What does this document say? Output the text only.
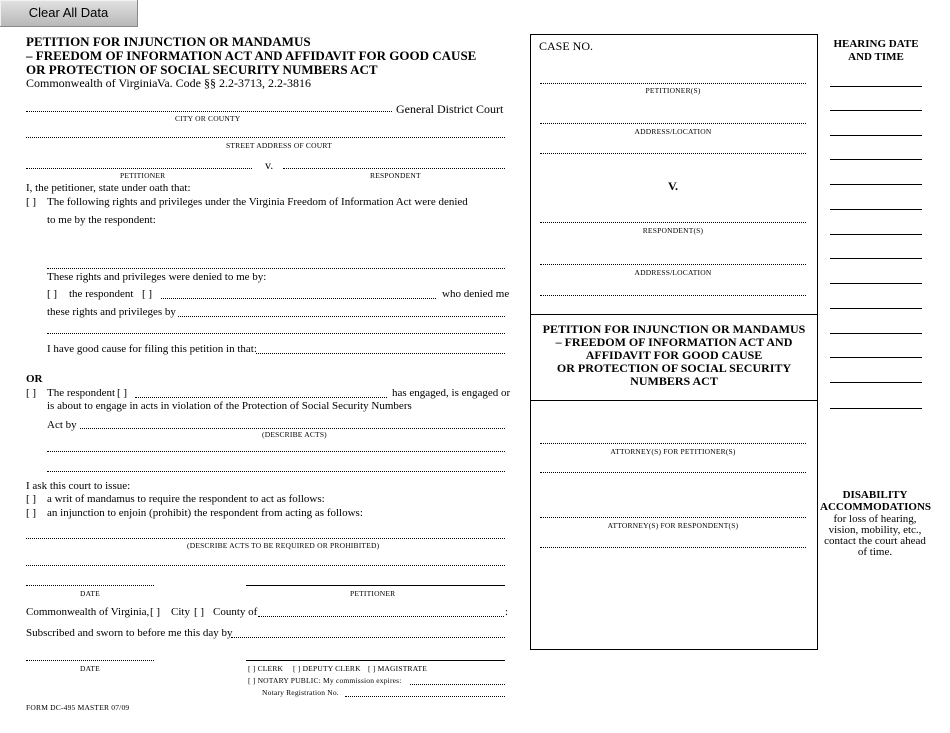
Clear All Data
PETITION FOR INJUNCTION OR MANDAMUS
– FREEDOM OF INFORMATION ACT AND AFFIDAVIT FOR GOOD CAUSE
OR PROTECTION OF SOCIAL SECURITY NUMBERS ACT
Commonwealth of Virginia Va. Code §§ 2.2-3713, 2.2-3816
General District Court
CITY OR COUNTY
STREET ADDRESS OF COURT
v.
PETITIONER	RESPONDENT
I, the petitioner, state under oath that:
[ ] The following rights and privileges under the Virginia Freedom of Information Act were denied
to me by the respondent:
These rights and privileges were denied to me by:
[ ] the respondent [ ]	who denied me
these rights and privileges by
I have good cause for filing this petition in that:
OR
[ ] The respondent [ ]	has engaged, is engaged or
is about to engage in acts in violation of the Protection of Social Security Numbers
Act by
(DESCRIBE ACTS)
I ask this court to issue:
[ ] a writ of mandamus to require the respondent to act as follows:
[ ] an injunction to enjoin (prohibit) the respondent from acting as follows:
(DESCRIBE ACTS TO BE REQUIRED OR PROHIBITED)
DATE	PETITIONER
Commonwealth of Virginia, [ ] City [ ] County of	:
Subscribed and sworn to before me this day by
DATE	[ ] CLERK [ ] DEPUTY CLERK [ ] MAGISTRATE
[ ] NOTARY PUBLIC: My commission expires:
Notary Registration No.
FORM DC-495 MASTER 07/09
CASE NO.
PETITIONER(S)
ADDRESS/LOCATION
V.
RESPONDENT(S)
ADDRESS/LOCATION
PETITION FOR INJUNCTION OR MANDAMUS
– FREEDOM OF INFORMATION ACT AND
AFFIDAVIT FOR GOOD CAUSE
OR PROTECTION OF SOCIAL SECURITY
NUMBERS ACT
ATTORNEY(S) FOR PETITIONER(S)
ATTORNEY(S) FOR RESPONDENT(S)
HEARING DATE
AND TIME
DISABILITY
ACCOMMODATIONS
for loss of hearing,
vision, mobility, etc.,
contact the court ahead
of time.
